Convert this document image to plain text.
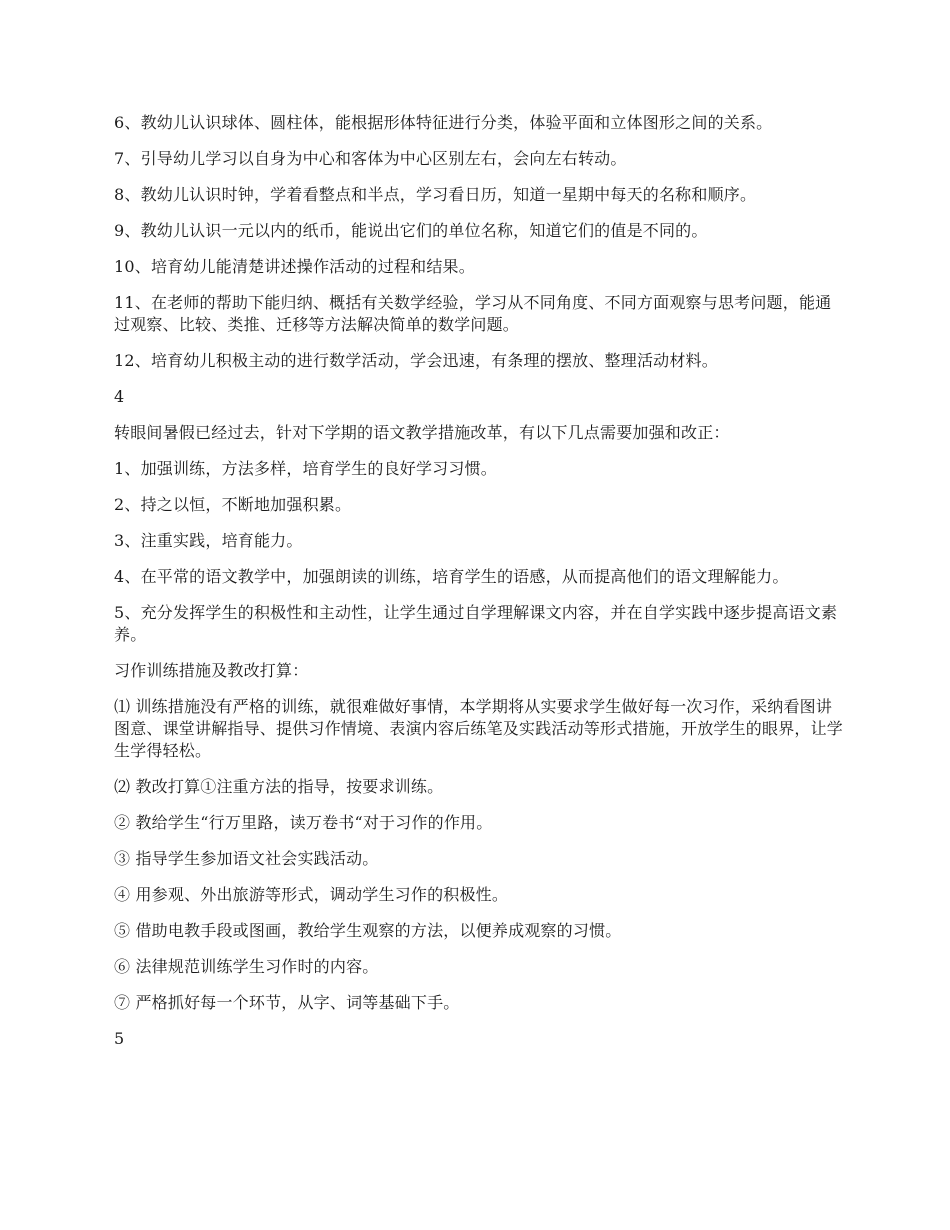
6、教幼儿认识球体、圆柱体，能根据形体特征进行分类，体验平面和立体图形之间的关系。

7、引导幼儿学习以自身为中心和客体为中心区别左右，会向左右转动。

8、教幼儿认识时钟，学着看整点和半点，学习看日历，知道一星期中每天的名称和顺序。

9、教幼儿认识一元以内的纸币，能说出它们的单位名称，知道它们的值是不同的。

10、培育幼儿能清楚讲述操作活动的过程和结果。

11、在老师的帮助下能归纳、概括有关数学经验，学习从不同角度、不同方面观察与思考问题，能通过观察、比较、类推、迁移等方法解决简单的数学问题。

12、培育幼儿积极主动的进行数学活动，学会迅速，有条理的摆放、整理活动材料。

4

转眼间暑假已经过去，针对下学期的语文教学措施改革，有以下几点需要加强和改正：

1、加强训练，方法多样，培育学生的良好学习习惯。

2、持之以恒，不断地加强积累。

3、注重实践，培育能力。

4、在平常的语文教学中，加强朗读的训练，培育学生的语感，从而提高他们的语文理解能力。

5、充分发挥学生的积极性和主动性，让学生通过自学理解课文内容，并在自学实践中逐步提高语文素养。

习作训练措施及教改打算：

⑴ 训练措施没有严格的训练，就很难做好事情，本学期将从实要求学生做好每一次习作，采纳看图讲图意、课堂讲解指导、提供习作情境、表演内容后练笔及实践活动等形式措施，开放学生的眼界，让学生学得轻松。

⑵ 教改打算①注重方法的指导，按要求训练。

② 教给学生“行万里路，读万卷书“对于习作的作用。

③ 指导学生参加语文社会实践活动。

④ 用参观、外出旅游等形式，调动学生习作的积极性。

⑤ 借助电教手段或图画，教给学生观察的方法，以便养成观察的习惯。

⑥ 法律规范训练学生习作时的内容。

⑦ 严格抓好每一个环节，从字、词等基础下手。

5
